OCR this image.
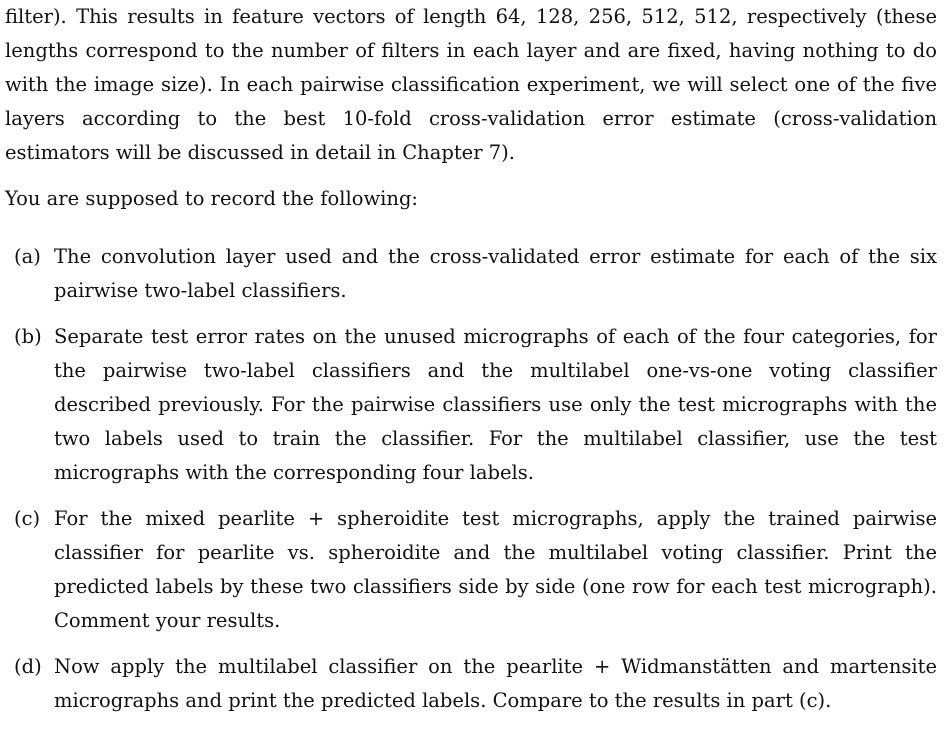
filter). This results in feature vectors of length 64, 128, 256, 512, 512, respectively (these lengths correspond to the number of filters in each layer and are fixed, having nothing to do with the image size). In each pairwise classification experiment, we will select one of the five layers according to the best 10-fold cross-validation error estimate (cross-validation estimators will be discussed in detail in Chapter 7).

You are supposed to record the following:

(a) The convolution layer used and the cross-validated error estimate for each of the six pairwise two-label classifiers.
(b) Separate test error rates on the unused micrographs of each of the four categories, for the pairwise two-label classifiers and the multilabel one-vs-one voting classifier described previously. For the pairwise classifiers use only the test micrographs with the two labels used to train the classifier. For the multilabel classifier, use the test micrographs with the corresponding four labels.
(c) For the mixed pearlite + spheroidite test micrographs, apply the trained pairwise classifier for pearlite vs. spheroidite and the multilabel voting classifier. Print the predicted labels by these two classifiers side by side (one row for each test micrograph). Comment your results.
(d) Now apply the multilabel classifier on the pearlite + Widmanstätten and martensite micrographs and print the predicted labels. Compare to the results in part (c).
